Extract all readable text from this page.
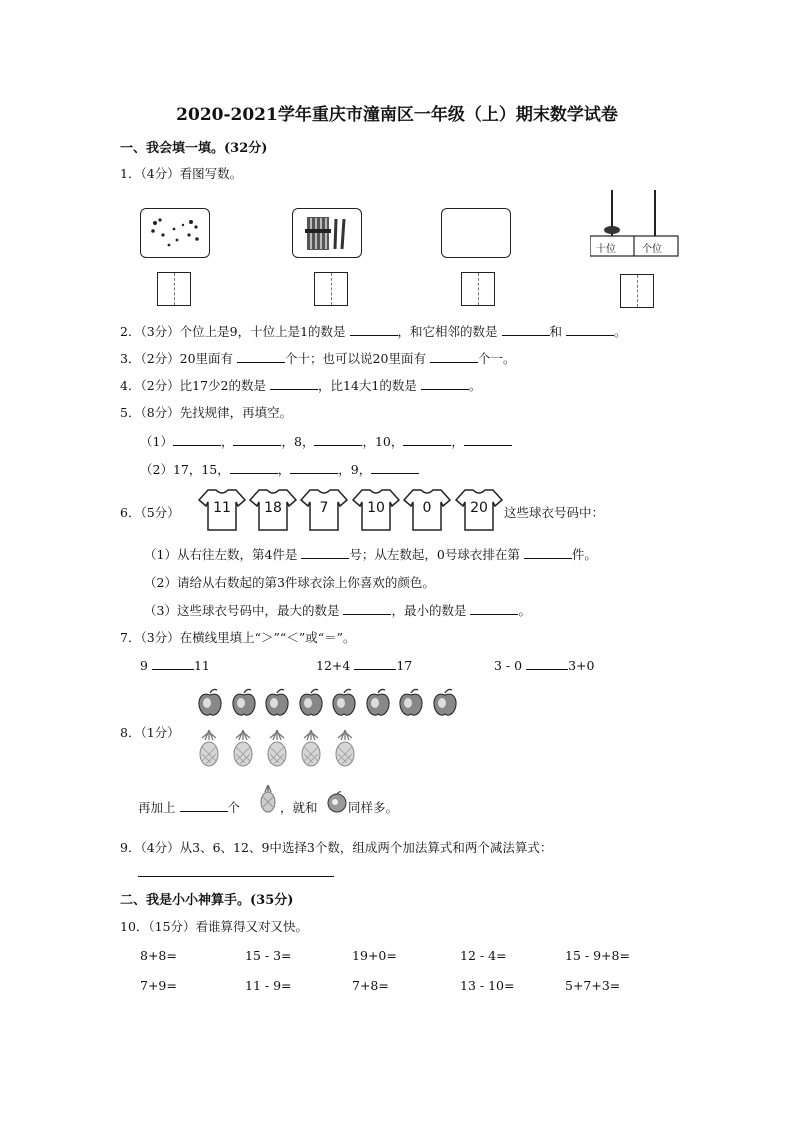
2020-2021学年重庆市潼南区一年级（上）期末数学试卷
一、我会填一填。(32分)
1．（4分）看图写数。
十位	个位
2．（3分）个位上是9，十位上是1的数是	，和它相邻的数是	和	。
3．（2分）20里面有	个十；也可以说20里面有	个一。
4．（2分）比17少2的数是	，比14大1的数是	。
5．（8分）先找规律，再填空。
（1）	，	，8，	，10，	，
（2）17，15，	，	，9，
6．（5分）	11	18	7	10	0	20	这些球衣号码中：
（1）从右往左数，第4件是	号；从左数起，0号球衣排在第	件。
（2）请给从右数起的第3件球衣涂上你喜欢的颜色。
（3）这些球衣号码中，最大的数是	，最小的数是	。
7．（3分）在横线里填上“＞”“＜”或“＝”。
9	11	12+4	17	3 - 0	3+0
8．（1分）
再加上	个	，就和 同样多。
9．（4分）从3、6、12、9中选择3个数，组成两个加法算式和两个减法算式：
二、我是小小神算手。(35分)
10．（15分）看谁算得又对又快。
8+8=	15 - 3=	19+0=	12 - 4=	15 - 9+8=
7+9=	11 - 9=	7+8=	13 - 10=	5+7+3=
